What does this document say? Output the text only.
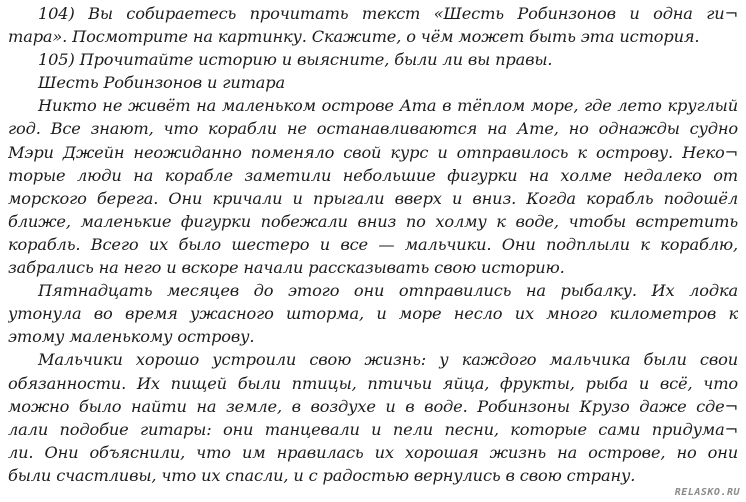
104) Вы собираетесь прочитать текст «Шесть Робинзонов и одна ги¬
тара». Посмотрите на картинку. Скажите, о чём может быть эта история.
105) Прочитайте историю и выясните, были ли вы правы.
Шесть Робинзонов и гитара
Никто не живёт на маленьком острове Ата в тёплом море, где лето круглый
год. Все знают, что корабли не останавливаются на Ате, но однажды судно
Мэри Джейн неожиданно поменяло свой курс и отправилось к острову. Неко¬
торые люди на корабле заметили небольшие фигурки на холме недалеко от
морского берега. Они кричали и прыгали вверх и вниз. Когда корабль подошёл
ближе, маленькие фигурки побежали вниз по холму к воде, чтобы встретить
корабль. Всего их было шестеро и все — мальчики. Они подплыли к кораблю,
забрались на него и вскоре начали рассказывать свою историю.
Пятнадцать месяцев до этого они отправились на рыбалку. Их лодка
утонула во время ужасного шторма, и море несло их много километров к
этому маленькому острову.
Мальчики хорошо устроили свою жизнь: у каждого мальчика были свои
обязанности. Их пищей были птицы, птичьи яйца, фрукты, рыба и всё, что
можно было найти на земле, в воздухе и в воде. Робинзоны Крузо даже сде¬
лали подобие гитары: они танцевали и пели песни, которые сами придума¬
ли. Они объяснили, что им нравилась их хорошая жизнь на острове, но они
были счастливы, что их спасли, и с радостью вернулись в свою страну.
RELASKO.RU
